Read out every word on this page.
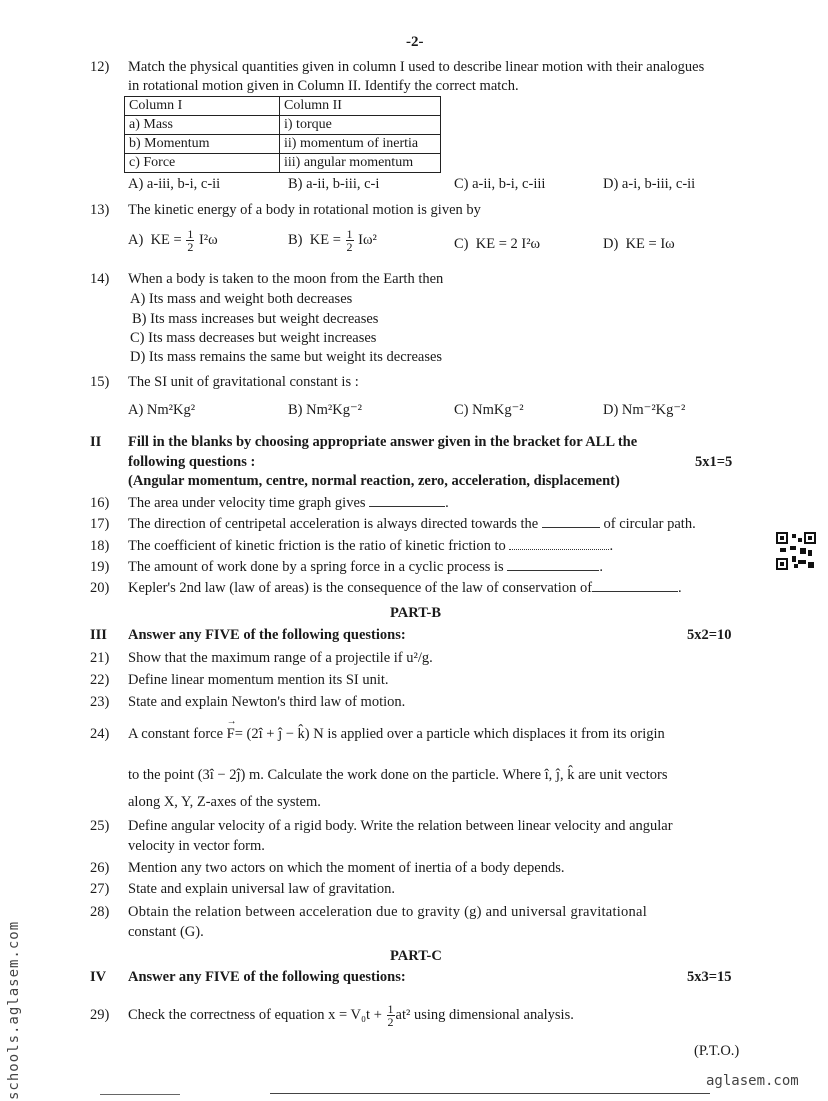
-2-
12)	Match the physical quantities given in column I used to describe linear motion with their analogues
in rotational motion given in Column II. Identify the correct match.
Column I	Column II
a) Mass	i) torque
b) Momentum	ii) momentum of inertia
c) Force	iii) angular momentum
A) a-iii, b-i, c-ii	B) a-ii, b-iii, c-i	C) a-ii, b-i, c-iii	D) a-i, b-iii, c-ii
13)	The kinetic energy of a body in rotational motion is given by
A) KE = $\frac{1}{2} I^2\omega$	B) KE = $\frac{1}{2} I\omega^2$	C) KE = 2 I²ω	D) KE = Iω
14)	When a body is taken to the moon from the Earth then
A) Its mass and weight both decreases
B) Its mass increases but weight decreases
C) Its mass decreases but weight increases
D) Its mass remains the same but weight its decreases
15)	The SI unit of gravitational constant is :
A) Nm²Kg²	B) Nm²Kg⁻²	C) NmKg⁻²	D) Nm⁻²Kg⁻²
II Fill in the blanks by choosing appropriate answer given in the bracket for ALL the
following questions :	5x1=5
(Angular momentum, centre, normal reaction, zero, acceleration, displacement)
16)	The area under velocity time graph gives	.
17)	The direction of centripetal acceleration is always directed towards the	of circular path.
18)	The coefficient of kinetic friction is the ratio of kinetic friction to	.
19)	The amount of work done by a spring force in a cyclic process is	.
20)	Kepler's 2nd law (law of areas) is the consequence of the law of conservation of	.
PART-B
III Answer any FIVE of the following questions:	5x2=10
21)	Show that the maximum range of a projectile if u²/g.
22)	Define linear momentum mention its SI unit.
23)	State and explain Newton's third law of motion.
24)	A constant force → F= (2î + ĵ − k̂) N is applied over a particle which displaces it from its origin
to the point (3î − 2ĵ) m. Calculate the work done on the particle. Where î, ĵ, k̂ are unit vectors
along X, Y, Z-axes of the system.
25)	Define angular velocity of a rigid body. Write the relation between linear velocity and angular
velocity in vector form.
26)	Mention any two actors on which the moment of inertia of a body depends.
27)	State and explain universal law of gravitation.
28)	Obtain the relation between acceleration due to gravity (g) and universal gravitational
constant (G).
PART-C
IV Answer any FIVE of the following questions:	5x3=15
29)	Check the correctness of equation $x = V_0t + \frac{1}{2} at^2$ using dimensional analysis.
(P.T.O.)
schools.aglasem.com	aglasem.com
